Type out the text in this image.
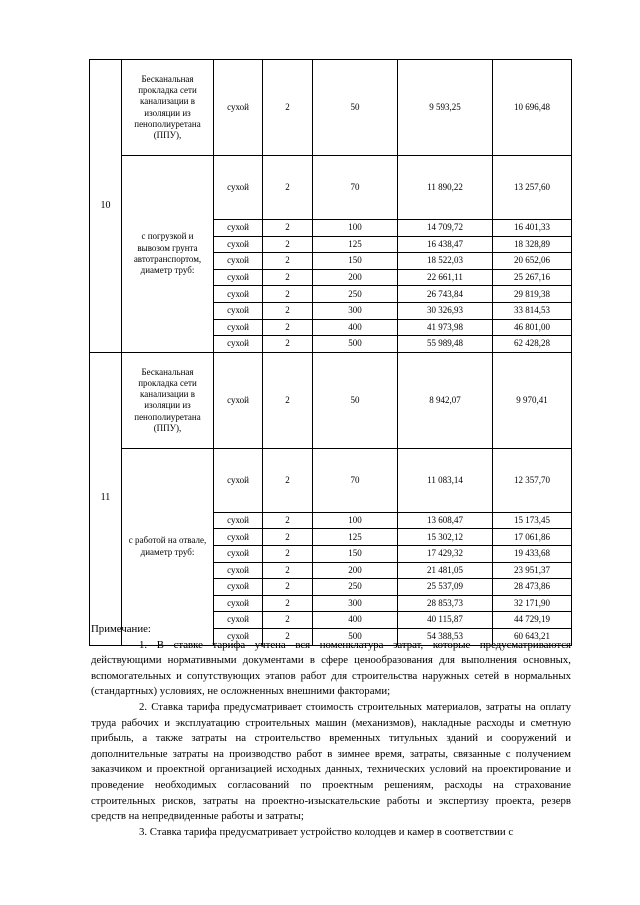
10	Бесканальная прокладка сети канализации в изоляции из пенополиуретана (ППУ),	сухой	2	50	9 593,25	10 696,48
	с погрузкой и вывозом грунта автотранспортом, диаметр труб:	сухой	2	70	11 890,22	13 257,60
		сухой	2	100	14 709,72	16 401,33
		сухой	2	125	16 438,47	18 328,89
		сухой	2	150	18 522,03	20 652,06
		сухой	2	200	22 661,11	25 267,16
		сухой	2	250	26 743,84	29 819,38
		сухой	2	300	30 326,93	33 814,53
		сухой	2	400	41 973,98	46 801,00
		сухой	2	500	55 989,48	62 428,28
11	Бесканальная прокладка сети канализации в изоляции из пенополиуретана (ППУ),	сухой	2	50	8 942,07	9 970,41
	с работой на отвале, диаметр труб:	сухой	2	70	11 083,14	12 357,70
		сухой	2	100	13 608,47	15 173,45
		сухой	2	125	15 302,12	17 061,86
		сухой	2	150	17 429,32	19 433,68
		сухой	2	200	21 481,05	23 951,37
		сухой	2	250	25 537,09	28 473,86
		сухой	2	300	28 853,73	32 171,90
		сухой	2	400	40 115,87	44 729,19
		сухой	2	500	54 388,53	60 643,21

Примечание:

1. В ставке тарифа учтена вся номенклатура затрат, которые предусматриваются действующими нормативными документами в сфере ценообразования для выполнения основных, вспомогательных и сопутствующих этапов работ для строительства наружных сетей в нормальных (стандартных) условиях, не осложненных внешними факторами;

2. Ставка тарифа предусматривает стоимость строительных материалов, затраты на оплату труда рабочих и эксплуатацию строительных машин (механизмов), накладные расходы и сметную прибыль, а также затраты на строительство временных титульных зданий и сооружений и дополнительные затраты на производство работ в зимнее время, затраты, связанные с получением заказчиком и проектной организацией исходных данных, технических условий на проектирование и проведение необходимых согласований по проектным решениям, расходы на страхование строительных рисков, затраты на проектно-изыскательские работы и экспертизу проекта, резерв средств на непредвиденные работы и затраты;

3. Ставка тарифа предусматривает устройство колодцев и камер в соответствии с
